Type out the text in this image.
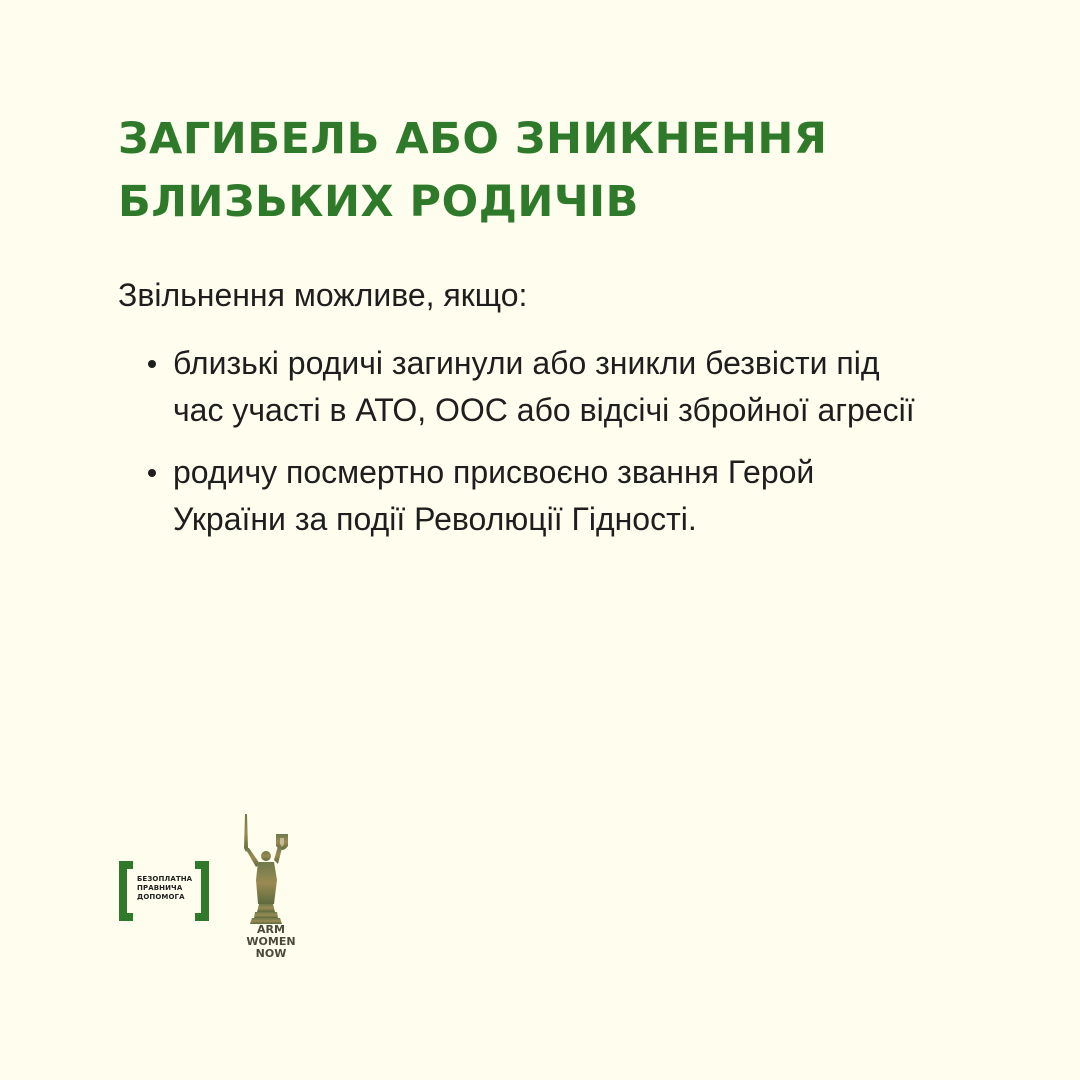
ЗАГИБЕЛЬ АБО ЗНИКНЕННЯ
БЛИЗЬКИХ РОДИЧІВ

Звільнення можливе, якщо:

близькі родичі загинули або зникли безвісти під
час участі в АТО, ООС або відсічі збройної агресії
родичу посмертно присвоєно звання Герой
України за події Революції Гідності.
БЕЗОПЛАТНА
ПРАВНИЧА
ДОПОМОГА
ARM
WOMEN
NOW
